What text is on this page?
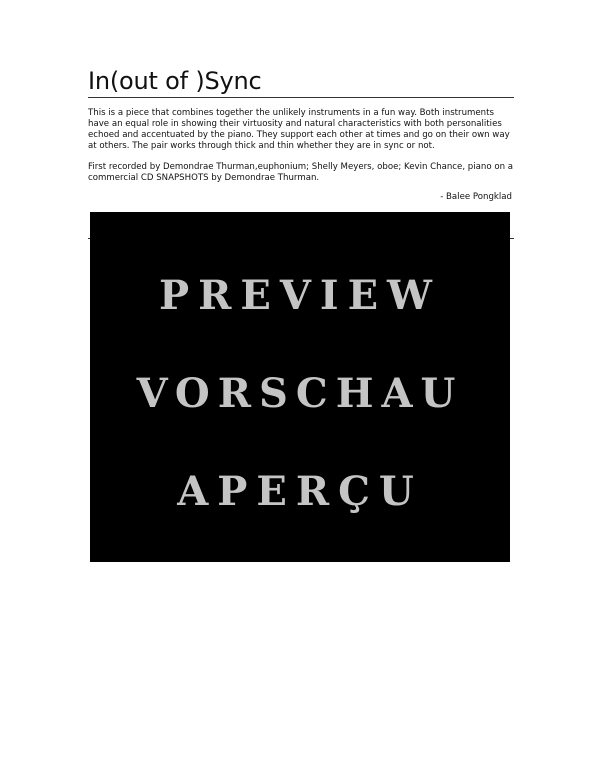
In(out of )Sync

This is a piece that combines together the unlikely instruments in a fun way. Both instruments have an equal role in showing their virtuosity and natural characteristics with both personalities echoed and accentuated by the piano. They support each other at times and go on their own way at others. The pair works through thick and thin whether they are in sync or not.

First recorded by Demondrae Thurman,euphonium; Shelly Meyers, oboe; Kevin Chance, piano on a commercial CD SNAPSHOTS by Demondrae Thurman.

- Balee Pongklad

PREVIEW

VORSCHAU

APERÇU
